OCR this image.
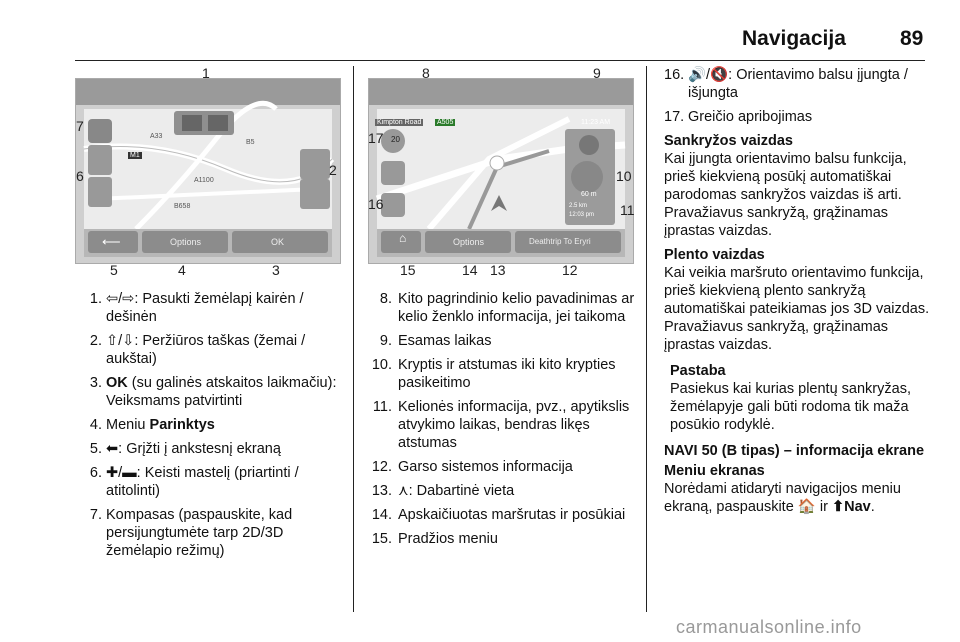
Navigacija	89
M1
A33
B5
A1100
B658
⟵	Options	OK
1
2
3
4
5
6
7	Kimpton Road A505	11:23 AM
20
60 m
2.5 km
12:03 pm
⌂	Options	Deathtrip To Eryri
8	9
10
11
12
13
14
15
16
17
1. ⇦/⇨: Pasukti žemėlapį kairėn / dešinėn
2. ⇧/⇩: Peržiūros taškas (žemai / aukštai)
3. OK (su galinės atskaitos laikmačiu): Veiksmams patvirtinti
4. Meniu Parinktys
5. ⬅: Grįžti į ankstesnį ekraną
6. ✚/▬: Keisti mastelį (priartinti / atitolinti)
7. Kompasas (paspauskite, kad persijungtumėte tarp 2D/3D žemėlapio režimų)
8. Kito pagrindinio kelio pavadinimas ar kelio ženklo informacija, jei taikoma
9. Esamas laikas
10. Kryptis ir atstumas iki kito krypties pasikeitimo
11. Kelionės informacija, pvz., apytikslis atvykimo laikas, bendras likęs atstumas
12. Garso sistemos informacija
13. ⋏: Dabartinė vieta
14. Apskaičiuotas maršrutas ir posūkiai
15. Pradžios meniu
16. 🔊/🔇: Orientavimo balsu įjungta / išjungta
17. Greičio apribojimas
Sankryžos vaizdas
Kai įjungta orientavimo balsu funkcija, prieš kiekvieną posūkį automatiškai parodomas sankryžos vaizdas iš arti. Pravažiavus sankryžą, grąžinamas įprastas vaizdas.
Plento vaizdas
Kai veikia maršruto orientavimo funkcija, prieš kiekvieną plento sankryžą automatiškai pateikiamas jos 3D vaizdas. Pravažiavus sankryžą, grąžinamas įprastas vaizdas.
Pastaba
Pasiekus kai kurias plentų sankryžas, žemėlapyje gali būti rodoma tik maža posūkio rodyklė.
NAVI 50 (B tipas) – informacija ekrane
Meniu ekranas
Norėdami atidaryti navigacijos meniu ekraną, paspauskite 🏠 ir ⬆Nav.
carmanualsonline.info
